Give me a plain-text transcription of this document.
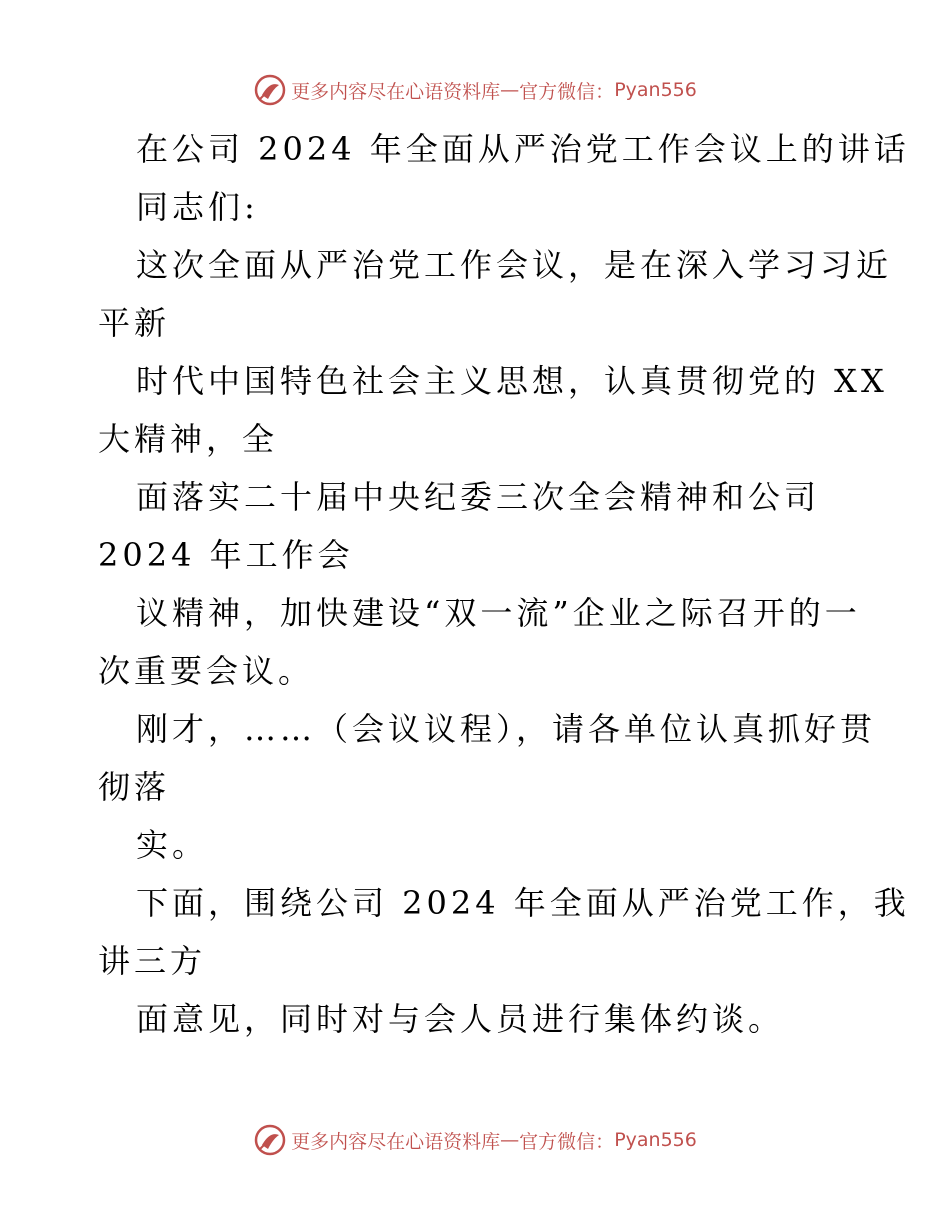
更多内容尽在心语资料库 — 官方微信： Pyan556
在公司 2024 年全面从严治党工作会议上的讲话
同志们:
这次全面从严治党工作会议，是在深入学习习近
平新
时代中国特色社会主义思想，认真贯彻党的 XX
大精神，全
面落实二十届中央纪委三次全会精神和公司
2024 年工作会
议精神，加快建设“双一流”企业之际召开的一
次重要会议。
刚才，……（会议议程），请各单位认真抓好贯
彻落
实。
下面，围绕公司 2024 年全面从严治党工作，我
讲三方
面意见，同时对与会人员进行集体约谈。
更多内容尽在心语资料库 — 官方微信： Pyan556
